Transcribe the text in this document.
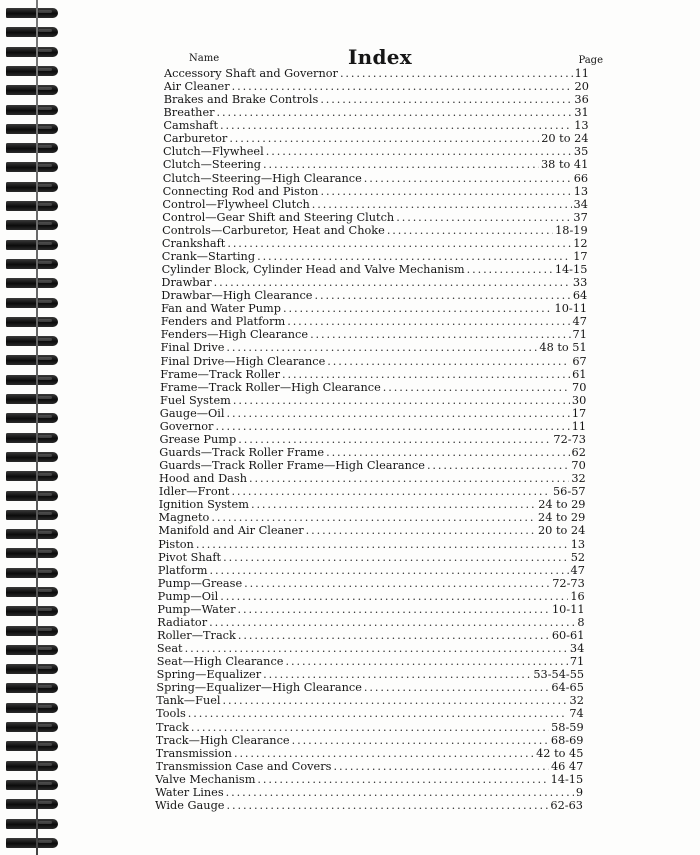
Name	Index	Page
Accessory Shaft and Governor .....	11
Air Cleaner .....	20
Brakes and Brake Controls .....	36
Breather .....	31
Camshaft .....	13
Carburetor .....	20 to 24
Clutch—Flywheel .....	35
Clutch—Steering .....	38 to 41
Clutch—Steering—High Clearance .....	66
Connecting Rod and Piston .....	13
Control—Flywheel Clutch .....	34
Control—Gear Shift and Steering Clutch .....	37
Controls—Carburetor, Heat and Choke .....	18-19
Crankshaft .....	12
Crank—Starting .....	17
Cylinder Block, Cylinder Head and Valve Mechanism .....	14-15
Drawbar .....	33
Drawbar—High Clearance .....	64
Fan and Water Pump .....	10-11
Fenders and Platform .....	47
Fenders—High Clearance .....	71
Final Drive .....	48 to 51
Final Drive—High Clearance .....	67
Frame—Track Roller .....	61
Frame—Track Roller—High Clearance .....	70
Fuel System .....	30
Gauge—Oil .....	17
Governor .....	11
Grease Pump .....	72-73
Guards—Track Roller Frame .....	62
Guards—Track Roller Frame—High Clearance .....	70
Hood and Dash .....	32
Idler—Front .....	56-57
Ignition System .....	24 to 29
Magneto .....	24 to 29
Manifold and Air Cleaner .....	20 to 24
Piston .....	13
Pivot Shaft .....	52
Platform .....	47
Pump—Grease .....	72-73
Pump—Oil .....	16
Pump—Water .....	10-11
Radiator .....	8
Roller—Track .....	60-61
Seat .....	34
Seat—High Clearance .....	71
Spring—Equalizer .....	53-54-55
Spring—Equalizer—High Clearance .....	64-65
Tank—Fuel .....	32
Tools .....	74
Track .....	58-59
Track—High Clearance .....	68-69
Transmission .....	42 to 45
Transmission Case and Covers .....	46 47
Valve Mechanism .....	14-15
Water Lines .....	9
Wide Gauge .....	62-63
